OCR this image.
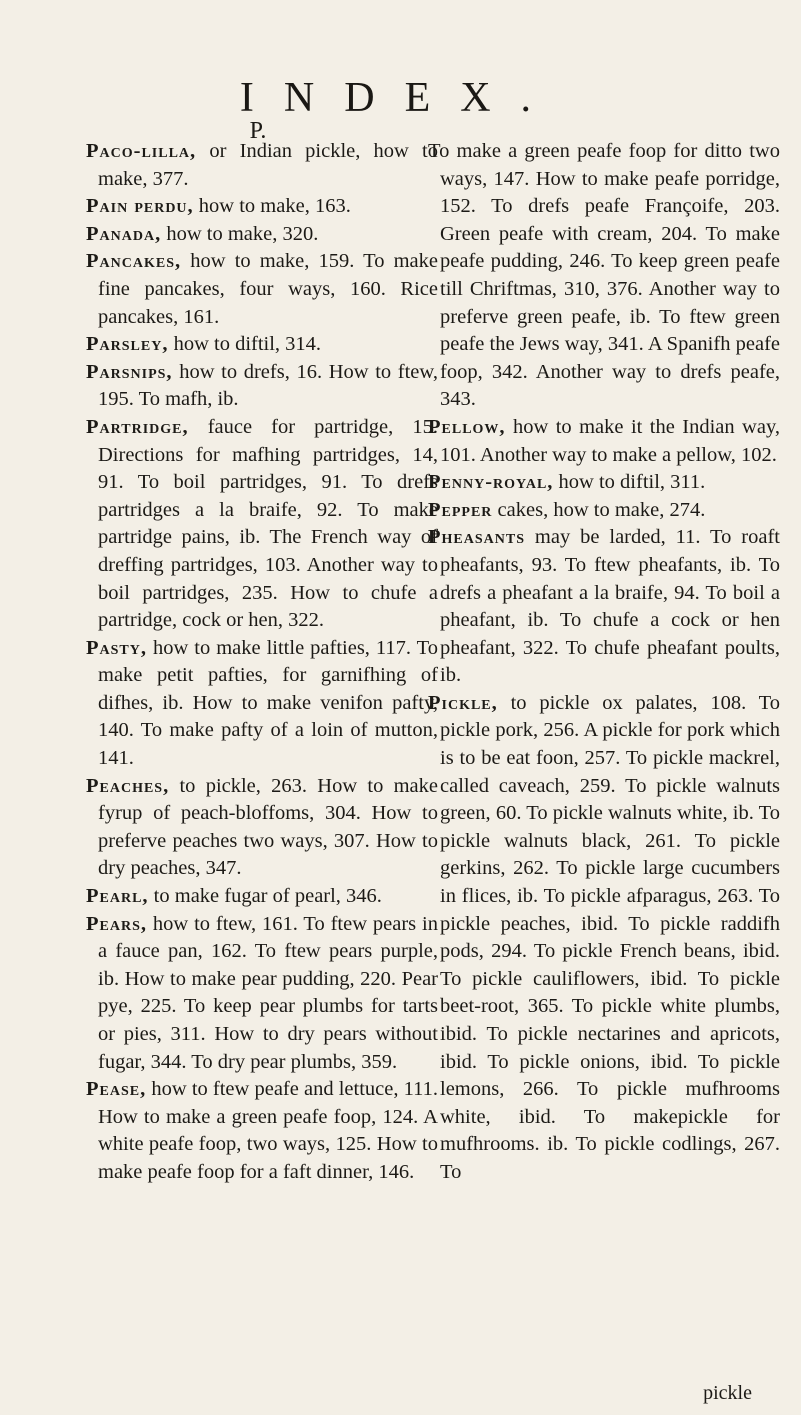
INDEX.
P.

Paco-lilla, or Indian pickle, how to make, 377.

Pain perdu, how to make, 163.

Panada, how to make, 320.

Pancakes, how to make, 159. To make fine pancakes, four ways, 160. Rice pancakes, 161.

Parsley, how to diftil, 314.

Parsnips, how to drefs, 16. How to ftew, 195. To mafh, ib.

Partridge, fauce for partridge, 15. Directions for mafhing partridges, 14, 91. To boil partridges, 91. To drefs partridges a la braife, 92. To make partridge pains, ib. The French way of dreffing partridges, 103. Another way to boil partridges, 235. How to chufe a partridge, cock or hen, 322.

Pasty, how to make little pafties, 117. To make petit pafties, for garnifhing of difhes, ib. How to make venifon pafty, 140. To make pafty of a loin of mutton, 141.

Peaches, to pickle, 263. How to make fyrup of peach-bloffoms, 304. How to preferve peaches two ways, 307. How to dry peaches, 347.

Pearl, to make fugar of pearl, 346.

Pears, how to ftew, 161. To ftew pears in a fauce pan, 162. To ftew pears purple, ib. How to make pear pudding, 220. Pear pye, 225. To keep pear plumbs for tarts or pies, 311. How to dry pears without fugar, 344. To dry pear plumbs, 359.

Pease, how to ftew peafe and lettuce, 111. How to make a green peafe foop, 124. A white peafe foop, two ways, 125. How to make peafe foop for a faft dinner, 146.

To make a green peafe foop for ditto two ways, 147. How to make peafe porridge, 152. To drefs peafe Françoife, 203. Green peafe with cream, 204. To make peafe pudding, 246. To keep green peafe till Chriftmas, 310, 376. Another way to preferve green peafe, ib. To ftew green peafe the Jews way, 341. A Spanifh peafe foop, 342. Another way to drefs peafe, 343.

Pellow, how to make it the Indian way, 101. Another way to make a pellow, 102.

Penny-royal, how to diftil, 311.

Pepper cakes, how to make, 274.

Pheasants may be larded, 11. To roaft pheafants, 93. To ftew pheafants, ib. To drefs a pheafant a la braife, 94. To boil a pheafant, ib. To chufe a cock or hen pheafant, 322. To chufe pheafant poults, ib.

Pickle, to pickle ox palates, 108. To pickle pork, 256. A pickle for pork which is to be eat foon, 257. To pickle mackrel, called caveach, 259. To pickle walnuts green, 60. To pickle walnuts white, ib. To pickle walnuts black, 261. To pickle gerkins, 262. To pickle large cucumbers in flices, ib. To pickle afparagus, 263. To pickle peaches, ibid. To pickle raddifh pods, 294. To pickle French beans, ibid. To pickle cauliflowers, ibid. To pickle beet-root, 365. To pickle white plumbs, ibid. To pickle nectarines and apricots, ibid. To pickle onions, ibid. To pickle lemons, 266. To pickle mufhrooms white, ibid. To makepickle for mufhrooms. ib. To pickle codlings, 267. To

pickle
